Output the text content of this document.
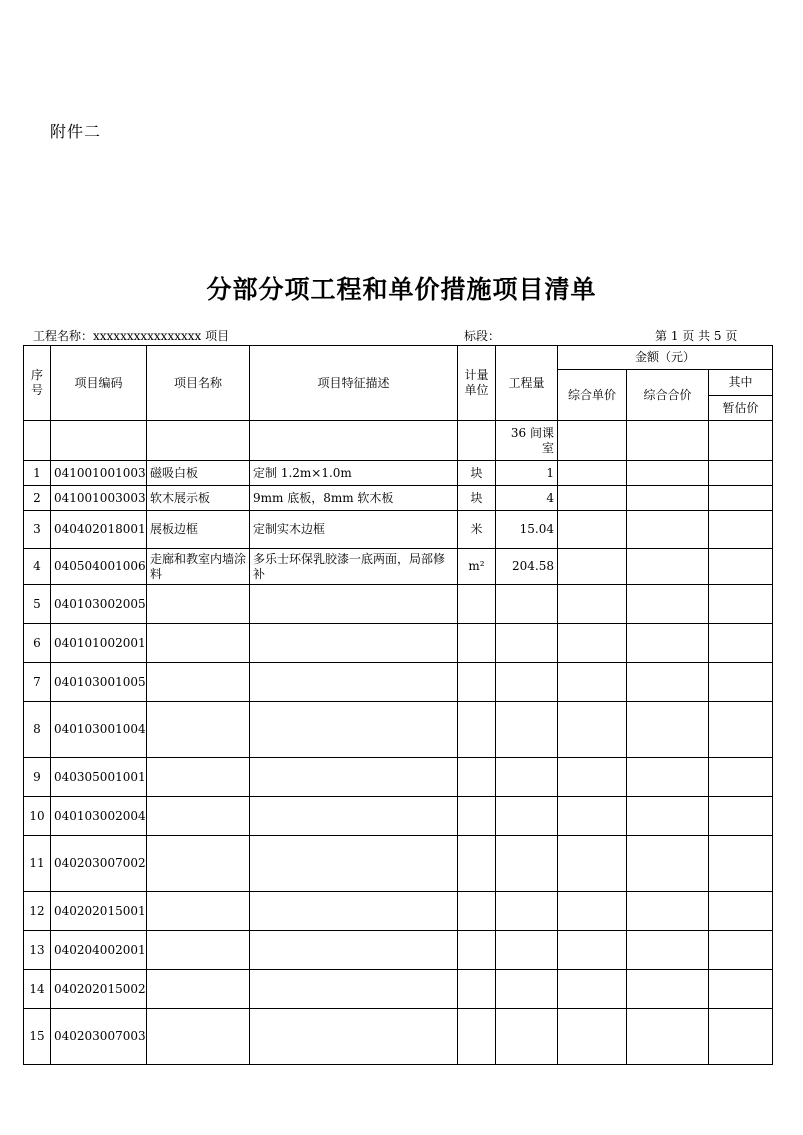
附件二
分部分项工程和单价措施项目清单
工程名称：xxxxxxxxxxxxxxxx 项目	标段：	第 1 页 共 5 页
序号	项目编码	项目名称	项目特征描述	计量单位	工程量	金额（元）		
						综合单价	综合合价	其中
								暂估价
					36 间课室			
1	041001001003	磁吸白板	定制 1.2m×1.0m	块	1			
2	041001003003	软木展示板	9mm 底板，8mm 软木板	块	4			
3	040402018001	展板边框	定制实木边框	米	15.04			
4	040504001006	走廊和教室内墙涂料	多乐士环保乳胶漆一底两面，局部修补	m²	204.58			
5	040103002005							
6	040101002001							
7	040103001005							
8	040103001004							
9	040305001001							
10	040103002004							
11	040203007002							
12	040202015001							
13	040204002001							
14	040202015002							
15	040203007003							
